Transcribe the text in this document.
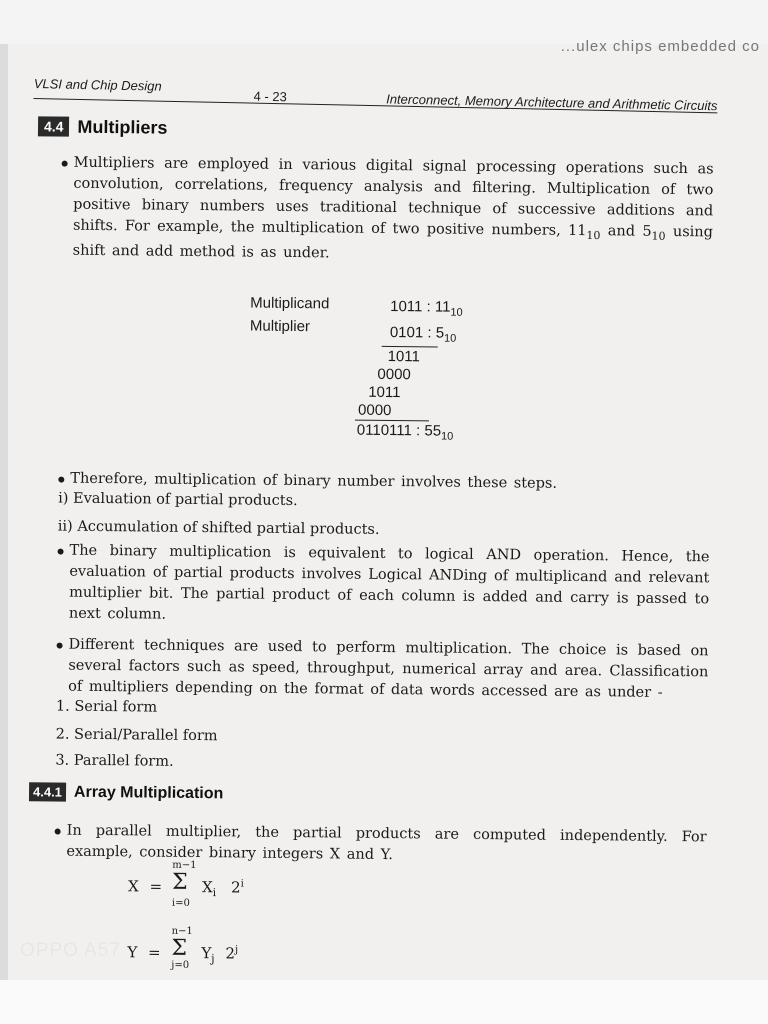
...ulex chips embedded co
VLSI and Chip Design
4 - 23	Interconnect, Memory Architecture and Arithmetic Circuits
4.4 Multipliers
Multipliers are employed in various digital signal processing operations such as convolution, correlations, frequency analysis and filtering. Multiplication of two positive binary numbers uses traditional technique of successive additions and shifts. For example, the multiplication of two positive numbers, $11_{10}$ and $5_{10}$ using shift and add method is as under.
Multiplicand
Multiplier
1011 : $11_{10}$
0101 : $5_{10}$
1011
0000
1011
0000
0110111 : $55_{10}$
Therefore, multiplication of binary number involves these steps.
i) Evaluation of partial products.
ii) Accumulation of shifted partial products.
The binary multiplication is equivalent to logical AND operation. Hence, the evaluation of partial products involves Logical ANDing of multiplicand and relevant multiplier bit. The partial product of each column is added and carry is passed to next column.
Different techniques are used to perform multiplication. The choice is based on several factors such as speed, throughput, numerical array and area. Classification of multipliers depending on the format of data words accessed are as under -
1. Serial form
2. Serial/Parallel form
3. Parallel form.
4.4.1 Array Multiplication
In parallel multiplier, the partial products are computed independently. For example, consider binary integers X and Y.
X =
m−1
Σ
i=0
$X_i$ 2$^i$
Y =
n−1
Σ
j=0
$Y_j$ 2$^j$
OPPO A57
